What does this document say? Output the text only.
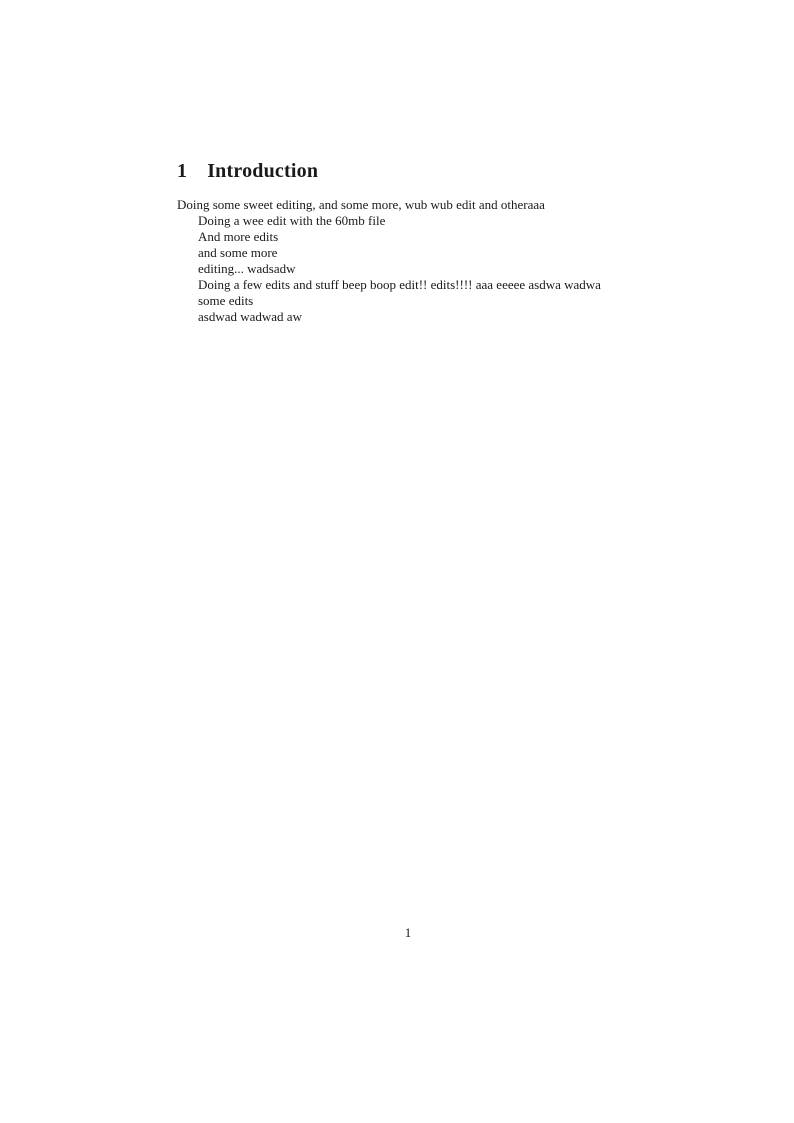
1 Introduction

Doing some sweet editing, and some more, wub wub edit and otheraaa

Doing a wee edit with the 60mb file

And more edits

and some more

editing... wadsadw

Doing a few edits and stuff beep boop edit!! edits!!!! aaa eeeee asdwa wadwa

some edits

asdwad wadwad aw

1
